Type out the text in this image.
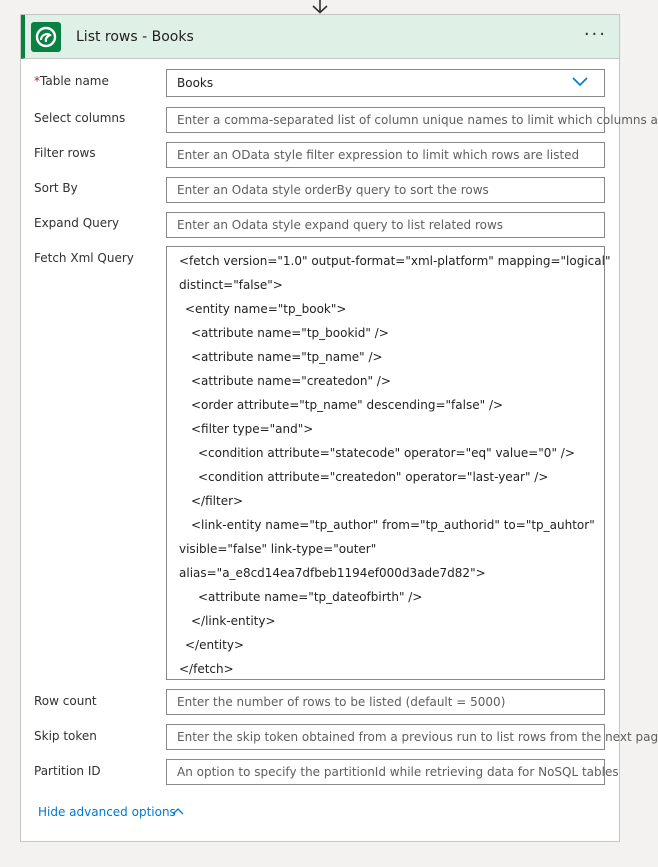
List rows - Books	···
*Table name	Books
Select columns	Enter a comma-separated list of column unique names to limit which columns a
Filter rows	Enter an OData style filter expression to limit which rows are listed
Sort By	Enter an Odata style orderBy query to sort the rows
Expand Query	Enter an Odata style expand query to list related rows
Fetch Xml Query	<fetch version="1.0" output-format="xml-platform" mapping="logical"
distinct="false">
<entity name="tp_book">
<attribute name="tp_bookid" />
<attribute name="tp_name" />
<attribute name="createdon" />
<order attribute="tp_name" descending="false" />
<filter type="and">
<condition attribute="statecode" operator="eq" value="0" />
<condition attribute="createdon" operator="last-year" />
</filter>
<link-entity name="tp_author" from="tp_authorid" to="tp_auhtor"
visible="false" link-type="outer"
alias="a_e8cd14ea7dfbeb1194ef000d3ade7d82">
<attribute name="tp_dateofbirth" />
</link-entity>
</entity>
</fetch>
Row count	Enter the number of rows to be listed (default = 5000)
Skip token	Enter the skip token obtained from a previous run to list rows from the next pag
Partition ID	An option to specify the partitionId while retrieving data for NoSQL tables
Hide advanced options
